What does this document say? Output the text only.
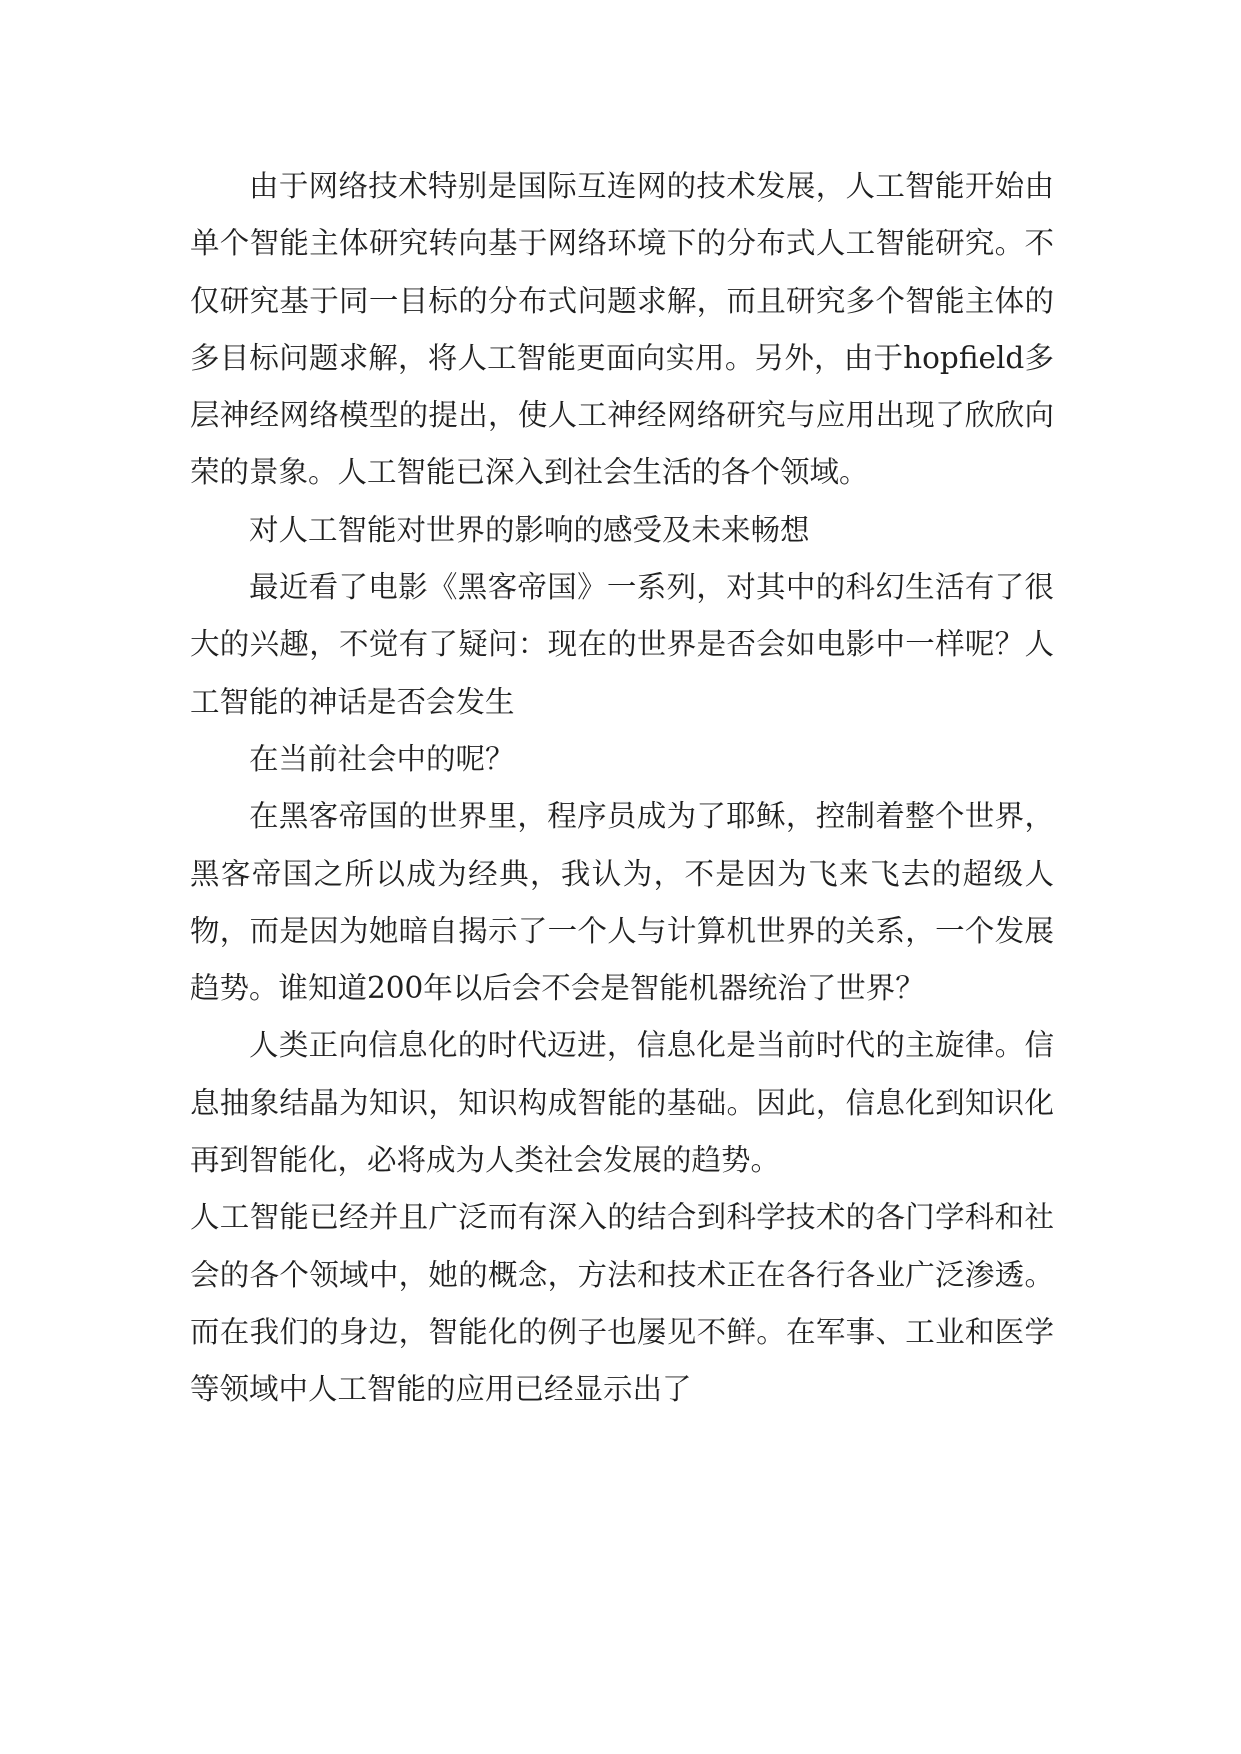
由于网络技术特别是国际互连网的技术发展，人工智能开始由单个智能主体研究转向基于网络环境下的分布式人工智能研究。不仅研究基于同一目标的分布式问题求解，而且研究多个智能主体的多目标问题求解，将人工智能更面向实用。另外，由于hopfield多层神经网络模型的提出，使人工神经网络研究与应用出现了欣欣向荣的景象。人工智能已深入到社会生活的各个领域。

对人工智能对世界的影响的感受及未来畅想

最近看了电影《黑客帝国》一系列，对其中的科幻生活有了很大的兴趣，不觉有了疑问：现在的世界是否会如电影中一样呢？人工智能的神话是否会发生

在当前社会中的呢？

在黑客帝国的世界里，程序员成为了耶稣，控制着整个世界，黑客帝国之所以成为经典，我认为，不是因为飞来飞去的超级人物，而是因为她暗自揭示了一个人与计算机世界的关系，一个发展趋势。谁知道200年以后会不会是智能机器统治了世界？

人类正向信息化的时代迈进，信息化是当前时代的主旋律。信息抽象结晶为知识，知识构成智能的基础。因此，信息化到知识化再到智能化，必将成为人类社会发展的趋势。

人工智能已经并且广泛而有深入的结合到科学技术的各门学科和社会的各个领域中，她的概念，方法和技术正在各行各业广泛渗透。而在我们的身边，智能化的例子也屡见不鲜。在军事、工业和医学等领域中人工智能的应用已经显示出了
